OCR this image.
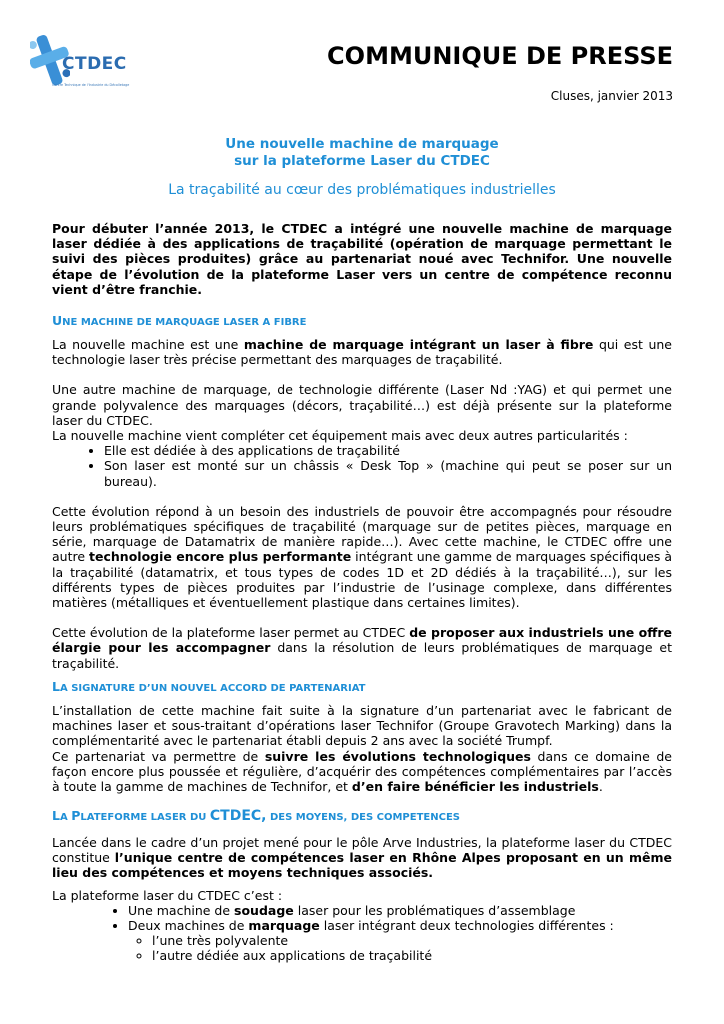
CTDEC
Centre Technique de l'Industrie du Décolletage
COMMUNIQUE DE PRESSE
Cluses, janvier 2013
Une nouvelle machine de marquage
sur la plateforme Laser du CTDEC
La traçabilité au cœur des problématiques industrielles

Pour débuter l’année 2013, le CTDEC a intégré une nouvelle machine de marquage laser dédiée à des applications de traçabilité (opération de marquage permettant le suivi des pièces produites) grâce au partenariat noué avec Technifor. Une nouvelle étape de l’évolution de la plateforme Laser vers un centre de compétence reconnu vient d’être franchie.

UNE MACHINE DE MARQUAGE LASER A FIBRE

La nouvelle machine est une machine de marquage intégrant un laser à fibre qui est une technologie laser très précise permettant des marquages de traçabilité.

Une autre machine de marquage, de technologie différente (Laser Nd :YAG) et qui permet une grande polyvalence des marquages (décors, traçabilité…) est déjà présente sur la plateforme laser du CTDEC.

La nouvelle machine vient compléter cet équipement mais avec deux autres particularités :

• Elle est dédiée à des applications de traçabilité
• Son laser est monté sur un châssis « Desk Top » (machine qui peut se poser sur un bureau).

Cette évolution répond à un besoin des industriels de pouvoir être accompagnés pour résoudre leurs problématiques spécifiques de traçabilité (marquage sur de petites pièces, marquage en série, marquage de Datamatrix de manière rapide…). Avec cette machine, le CTDEC offre une autre technologie encore plus performante intégrant une gamme de marquages spécifiques à la traçabilité (datamatrix, et tous types de codes 1D et 2D dédiés à la traçabilité…), sur les différents types de pièces produites par l’industrie de l’usinage complexe, dans différentes matières (métalliques et éventuellement plastique dans certaines limites).

Cette évolution de la plateforme laser permet au CTDEC de proposer aux industriels une offre élargie pour les accompagner dans la résolution de leurs problématiques de marquage et traçabilité.

LA SIGNATURE D’UN NOUVEL ACCORD DE PARTENARIAT

L’installation de cette machine fait suite à la signature d’un partenariat avec le fabricant de machines laser et sous-traitant d’opérations laser Technifor (Groupe Gravotech Marking) dans la complémentarité avec le partenariat établi depuis 2 ans avec la société Trumpf.

Ce partenariat va permettre de suivre les évolutions technologiques dans ce domaine de façon encore plus poussée et régulière, d’acquérir des compétences complémentaires par l’accès à toute la gamme de machines de Technifor, et d’en faire bénéficier les industriels.

LA PLATEFORME LASER DU CTDEC, DES MOYENS, DES COMPETENCES

Lancée dans le cadre d’un projet mené pour le pôle Arve Industries, la plateforme laser du CTDEC constitue l’unique centre de compétences laser en Rhône Alpes proposant en un même lieu des compétences et moyens techniques associés.

La plateforme laser du CTDEC c’est :

• Une machine de soudage laser pour les problématiques d’assemblage
• Deux machines de marquage laser intégrant deux technologies différentes :
◦ l’une très polyvalente
◦ l’autre dédiée aux applications de traçabilité
